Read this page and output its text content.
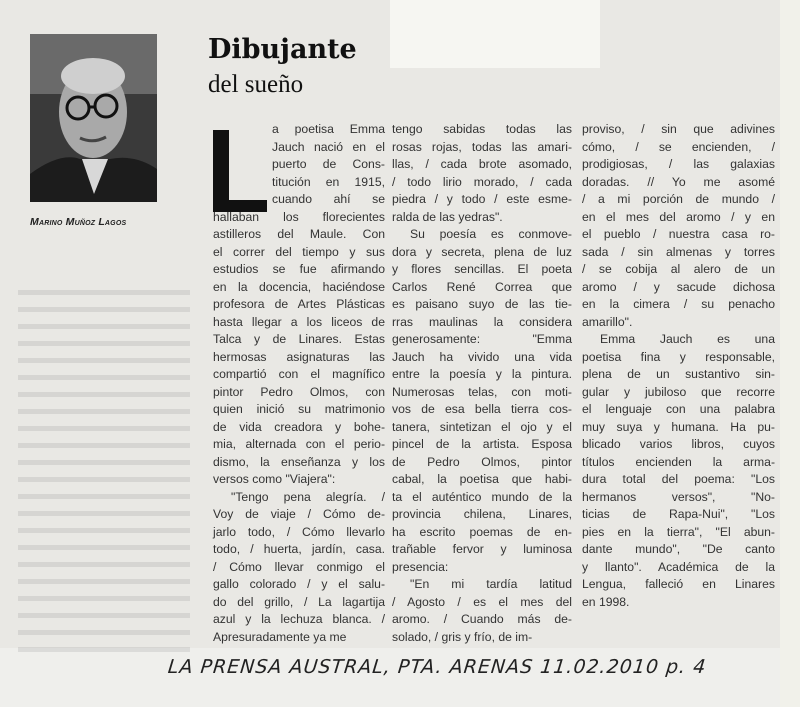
Marino Muñoz Lagos
Dibujante
del sueño
a poetisa Emma
Jauch nació en el
puerto de Cons-
titución en 1915,
cuando ahí se
hallaban los florecientes
astilleros del Maule. Con
el correr del tiempo y sus
estudios se fue afirmando
en la docencia, haciéndose
profesora de Artes Plásticas
hasta llegar a los liceos de
Talca y de Linares. Estas
hermosas asignaturas las
compartió con el magnífico
pintor Pedro Olmos, con
quien inició su matrimonio
de vida creadora y bohe-
mia, alternada con el perio-
dismo, la enseñanza y los
versos como "Viajera":
"Tengo pena alegría. /
Voy de viaje / Cómo de-
jarlo todo, / Cómo llevarlo
todo, / huerta, jardín, casa.
/ Cómo llevar conmigo el
gallo colorado / y el salu-
do del grillo, / La lagartija
azul y la lechuza blanca. /
Apresuradamente ya me
tengo sabidas todas las
rosas rojas, todas las amari-
llas, / cada brote asomado,
/ todo lirio morado, / cada
piedra / y todo / este esme-
ralda de las yedras".
Su poesía es conmove-
dora y secreta, plena de luz
y flores sencillas. El poeta
Carlos René Correa que
es paisano suyo de las tie-
rras maulinas la considera
generosamente: "Emma
Jauch ha vivido una vida
entre la poesía y la pintura.
Numerosas telas, con moti-
vos de esa bella tierra cos-
tanera, sintetizan el ojo y el
pincel de la artista. Esposa
de Pedro Olmos, pintor
cabal, la poetisa que habi-
ta el auténtico mundo de la
provincia chilena, Linares,
ha escrito poemas de en-
trañable fervor y luminosa
presencia:
"En mi tardía latitud
/ Agosto / es el mes del
aromo. / Cuando más de-
solado, / gris y frío, de im-
proviso, / sin que adivines
cómo, / se encienden, /
prodigiosas, / las galaxias
doradas. // Yo me asomé
/ a mi porción de mundo /
en el mes del aromo / y en
el pueblo / nuestra casa ro-
sada / sin almenas y torres
/ se cobija al alero de un
aromo / y sacude dichosa
en la cimera / su penacho
amarillo".
Emma Jauch es una
poetisa fina y responsable,
plena de un sustantivo sin-
gular y jubiloso que recorre
el lenguaje con una palabra
muy suya y humana. Ha pu-
blicado varios libros, cuyos
títulos encienden la arma-
dura total del poema: "Los
hermanos versos", "No-
ticias de Rapa-Nui", "Los
pies en la tierra", "El abun-
dante mundo", "De canto
y llanto". Académica de la
Lengua, falleció en Linares
en 1998.
LA PRENSA AUSTRAL, PTA. ARENAS 11.02.2010 p. 4
